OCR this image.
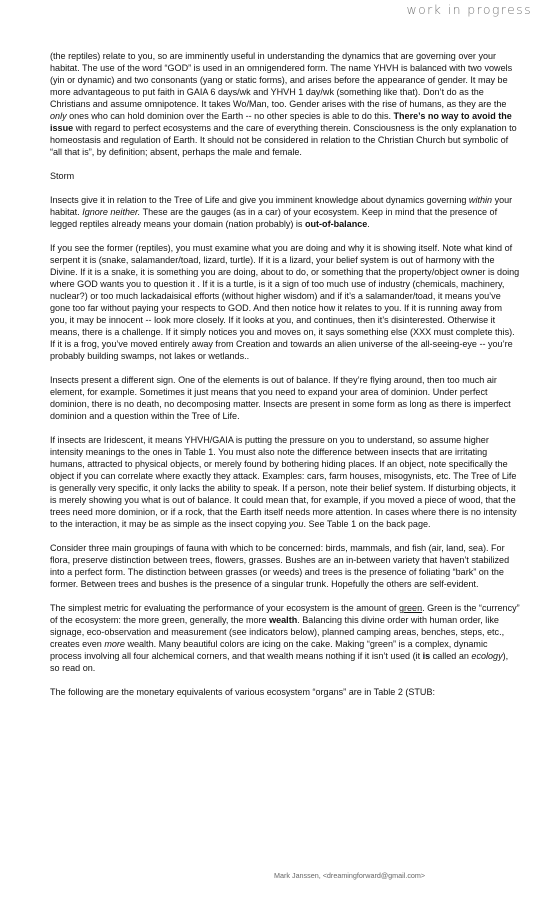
work in progress

(the reptiles) relate to you, so are imminently useful in understanding the dynamics that are governing over your habitat. The use of the word “GOD” is used in an omnigendered form. The name YHVH is balanced with two vowels (yin or dynamic) and two consonants (yang or static forms), and arises before the appearance of gender. It may be more advantageous to put faith in GAIA 6 days/wk and YHVH 1 day/wk (something like that). Don’t do as the Christians and assume omnipotence. It takes Wo/Man, too. Gender arises with the rise of humans, as they are the only ones who can hold dominion over the Earth -- no other species is able to do this. There’s no way to avoid the issue with regard to perfect ecosystems and the care of everything therein. Consciousness is the only explanation to homeostasis and regulation of Earth. It should not be considered in relation to the Christian Church but symbolic of “all that is”, by definition; absent, perhaps the male and female.

Storm

Insects give it in relation to the Tree of Life and give you imminent knowledge about dynamics governing within your habitat. Ignore neither. These are the gauges (as in a car) of your ecosystem. Keep in mind that the presence of legged reptiles already means your domain (nation probably) is out-of-balance.

If you see the former (reptiles), you must examine what you are doing and why it is showing itself. Note what kind of serpent it is (snake, salamander/toad, lizard, turtle). If it is a lizard, your belief system is out of harmony with the Divine. If it is a snake, it is something you are doing, about to do, or something that the property/object owner is doing where GOD wants you to question it . If it is a turtle, is it a sign of too much use of industry (chemicals, machinery, nuclear?) or too much lackadaisical efforts (without higher wisdom) and if it’s a salamander/toad, it means you’ve gone too far without paying your respects to GOD. And then notice how it relates to you. If it is running away from you, it may be innocent -- look more closely. If it looks at you, and continues, then it’s disinterested. Otherwise it means, there is a challenge. If it simply notices you and moves on, it says something else (XXX must complete this). If it is a frog, you’ve moved entirely away from Creation and towards an alien universe of the all-seeing-eye -- you’re probably building swamps, not lakes or wetlands..

Insects present a different sign. One of the elements is out of balance. If they’re flying around, then too much air element, for example. Sometimes it just means that you need to expand your area of dominion. Under perfect dominion, there is no death, no decomposing matter. Insects are present in some form as long as there is imperfect dominion and a question within the Tree of Life.

If insects are Iridescent, it means YHVH/GAIA is putting the pressure on you to understand, so assume higher intensity meanings to the ones in Table 1. You must also note the difference between insects that are irritating humans, attracted to physical objects, or merely found by bothering hiding places. If an object, note specifically the object if you can correlate where exactly they attack. Examples: cars, farm houses, misogynists, etc. The Tree of Life is generally very specific, it only lacks the ability to speak. If a person, note their belief system. If disturbing objects, it is merely showing you what is out of balance. It could mean that, for example, if you moved a piece of wood, that the trees need more dominion, or if a rock, that the Earth itself needs more attention. In cases where there is no intensity to the interaction, it may be as simple as the insect copying you. See Table 1 on the back page.

Consider three main groupings of fauna with which to be concerned: birds, mammals, and fish (air, land, sea). For flora, preserve distinction between trees, flowers, grasses. Bushes are an in-between variety that haven’t stabilized into a perfect form. The distinction between grasses (or weeds) and trees is the presence of foliating “bark” on the former. Between trees and bushes is the presence of a singular trunk. Hopefully the others are self-evident.

The simplest metric for evaluating the performance of your ecosystem is the amount of green. Green is the “currency” of the ecosystem: the more green, generally, the more wealth. Balancing this divine order with human order, like signage, eco-observation and measurement (see indicators below), planned camping areas, benches, steps, etc., creates even more wealth. Many beautiful colors are icing on the cake. Making “green” is a complex, dynamic process involving all four alchemical corners, and that wealth means nothing if it isn’t used (it is called an ecology), so read on.

The following are the monetary equivalents of various ecosystem “organs” are in Table 2 (STUB:

Mark Janssen, <dreamingforward@gmail.com>
